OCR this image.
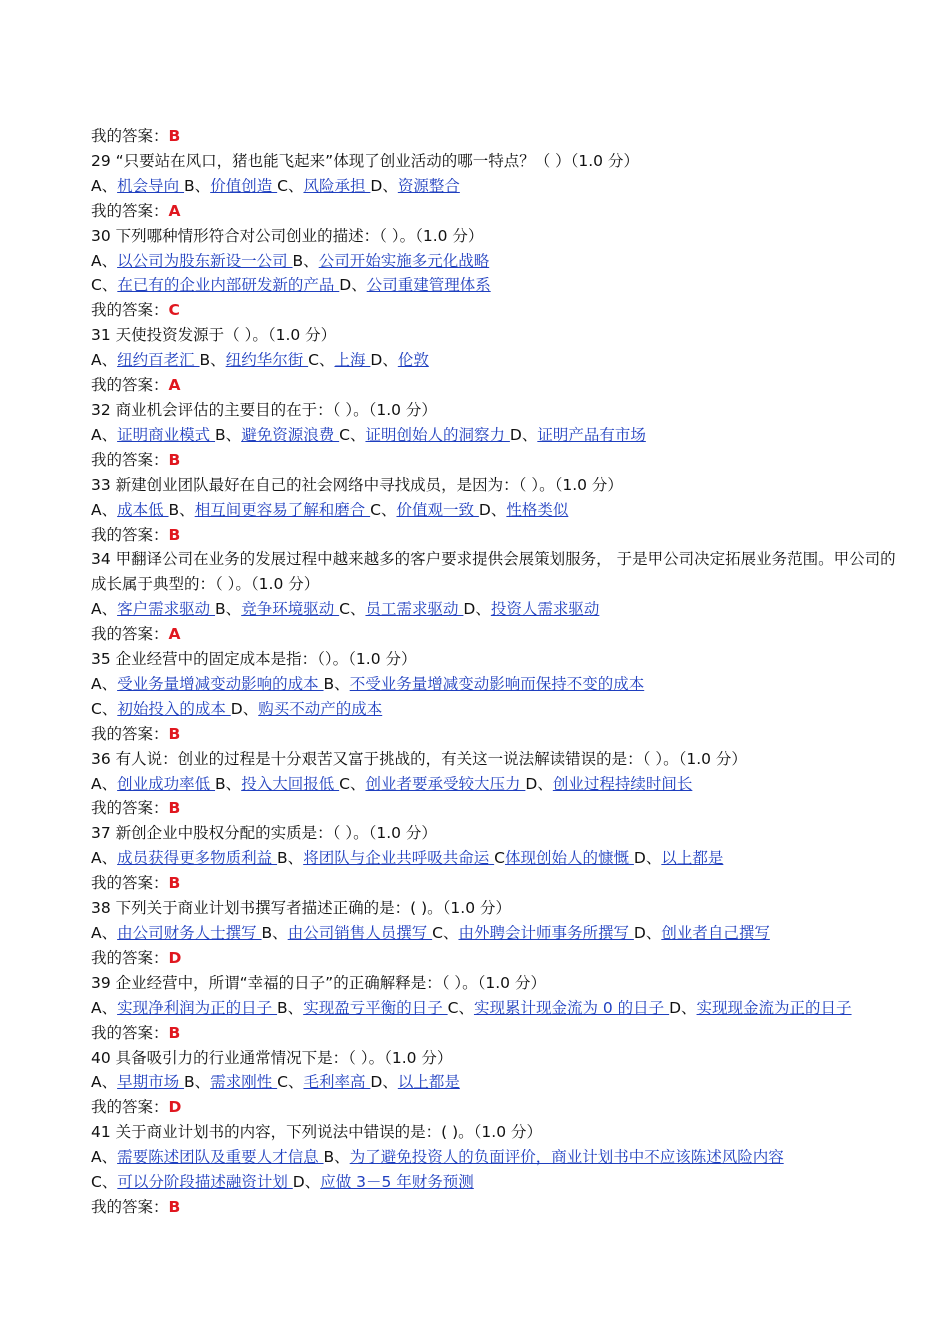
我的答案：B
29 “只要站在风口，猪也能飞起来”体现了创业活动的哪一特点？（ ）（1.0 分）
A、机会导向 B、价值创造 C、风险承担 D、资源整合
我的答案：A
30 下列哪种情形符合对公司创业的描述：（ ）。（1.0 分）
A、以公司为股东新设一公司 B、公司开始实施多元化战略
C、在已有的企业内部研发新的产品 D、公司重建管理体系
我的答案：C
31 天使投资发源于（ ）。（1.0 分）
A、纽约百老汇 B、纽约华尔街 C、上海 D、伦敦
我的答案：A
32 商业机会评估的主要目的在于：（ ）。（1.0 分）
A、证明商业模式 B、避免资源浪费 C、证明创始人的洞察力 D、证明产品有市场
我的答案：B
33 新建创业团队最好在自己的社会网络中寻找成员，是因为：（ ）。（1.0 分）
A、成本低 B、相互间更容易了解和磨合 C、价值观一致 D、性格类似
我的答案：B
34 甲翻译公司在业务的发展过程中越来越多的客户要求提供会展策划服务， 于是甲公司决定拓展业务范围。甲公司的成长属于典型的：（ ）。（1.0 分）
A、客户需求驱动 B、竞争环境驱动 C、员工需求驱动 D、投资人需求驱动
我的答案：A
35 企业经营中的固定成本是指：（）。（1.0 分）
A、受业务量增减变动影响的成本 B、不受业务量增减变动影响而保持不变的成本
C、初始投入的成本 D、购买不动产的成本
我的答案：B
36 有人说：创业的过程是十分艰苦又富于挑战的，有关这一说法解读错误的是：（ ）。（1.0 分）
A、创业成功率低 B、投入大回报低 C、创业者要承受较大压力 D、创业过程持续时间长
我的答案：B
37 新创企业中股权分配的实质是：（ ）。（1.0 分）
A、成员获得更多物质利益 B、将团队与企业共呼吸共命运 C体现创始人的慷慨 D、以上都是
我的答案：B
38 下列关于商业计划书撰写者描述正确的是：( )。（1.0 分）
A、由公司财务人士撰写 B、由公司销售人员撰写 C、由外聘会计师事务所撰写 D、创业者自己撰写
我的答案：D
39 企业经营中，所谓“幸福的日子”的正确解释是：（ ）。（1.0 分）
A、实现净利润为正的日子 B、实现盈亏平衡的日子 C、实现累计现金流为 0 的日子 D、实现现金流为正的日子
我的答案：B
40 具备吸引力的行业通常情况下是：（ ）。（1.0 分）
A、早期市场 B、需求刚性 C、毛利率高 D、以上都是
我的答案：D
41 关于商业计划书的内容，下列说法中错误的是：( )。（1.0 分）
A、需要陈述团队及重要人才信息 B、为了避免投资人的负面评价，商业计划书中不应该陈述风险内容
C、可以分阶段描述融资计划 D、应做 3－5 年财务预测
我的答案：B
